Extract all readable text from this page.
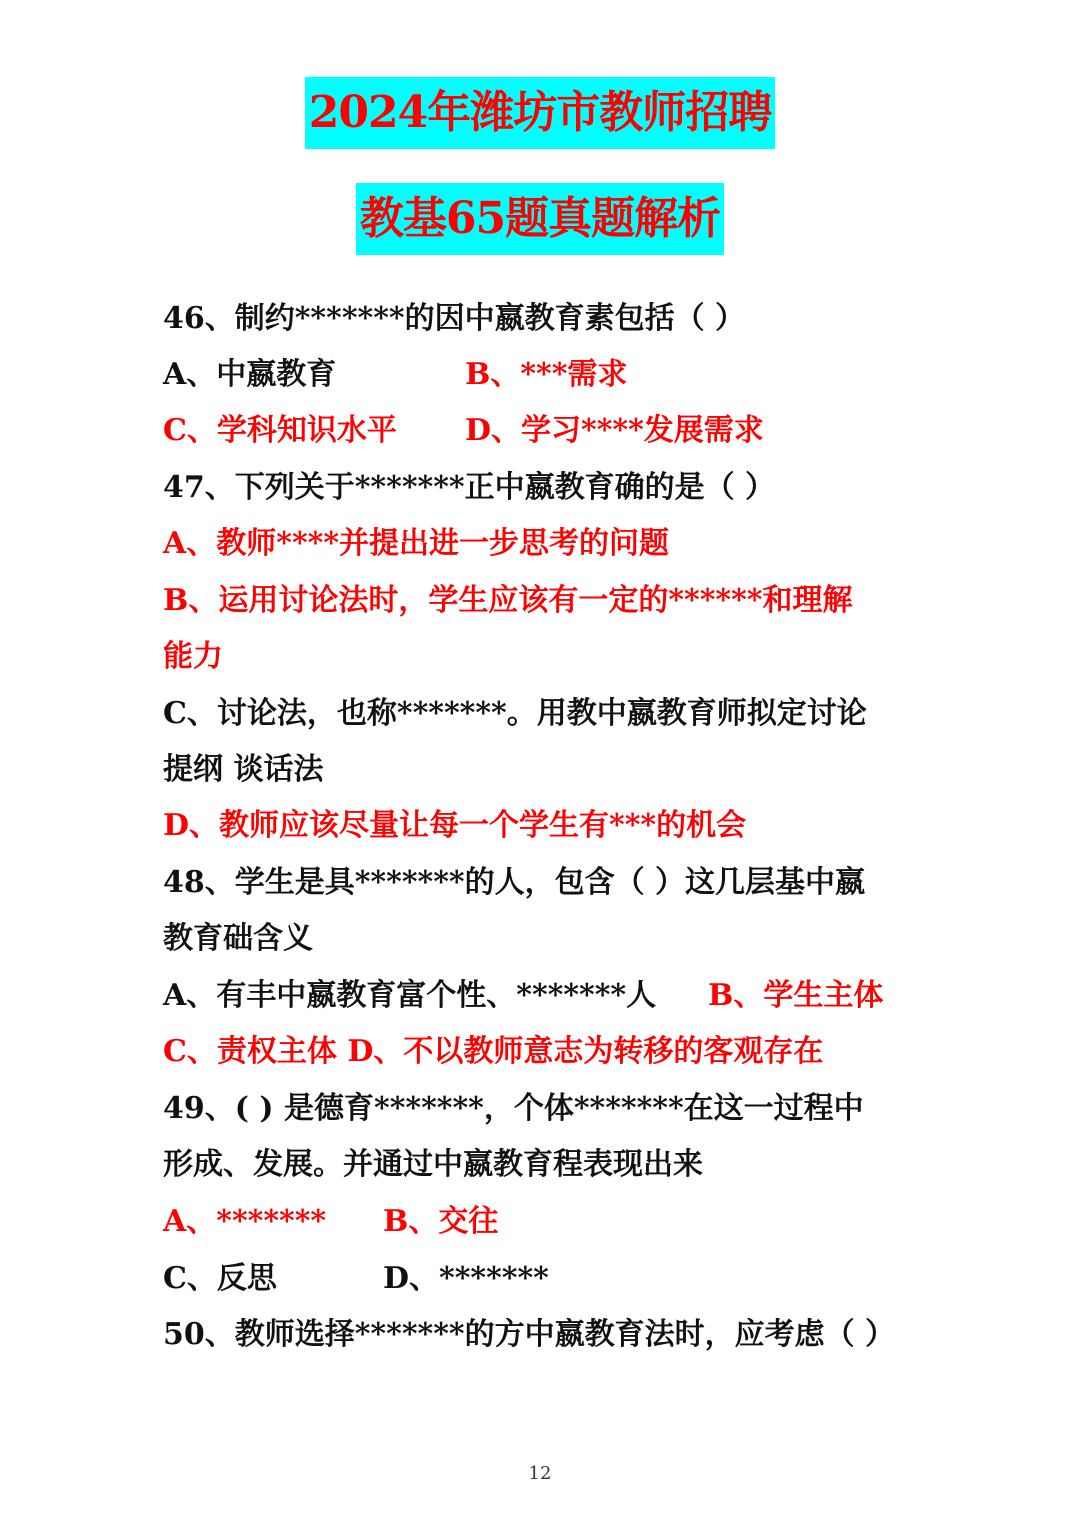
2024年潍坊市教师招聘
教基65题真题解析
46、制约*******的因中嬴教育素包括（ ）
A、中嬴教育	B、***需求
C、学科知识水平 D、学习****发展需求
47、下列关于*******正中嬴教育确的是（ ）
A、教师****并提出进一步思考的问题
B、运用讨论法时，学生应该有一定的******和理解
能力
C、讨论法，也称*******。用教中嬴教育师拟定讨论
提纲 谈话法
D、教师应该尽量让每一个学生有***的机会
48、学生是具*******的人，包含（ ）这几层基中嬴
教育础含义
A、有丰中嬴教育富个性、*******人 B、学生主体
C、责权主体 D、不以教师意志为转移的客观存在
49、( ) 是德育*******，个体*******在这一过程中
形成、发展。并通过中嬴教育程表现出来
A、******* B、交往
C、反思	D、*******
50、教师选择*******的方中嬴教育法时，应考虑（ ）
12
